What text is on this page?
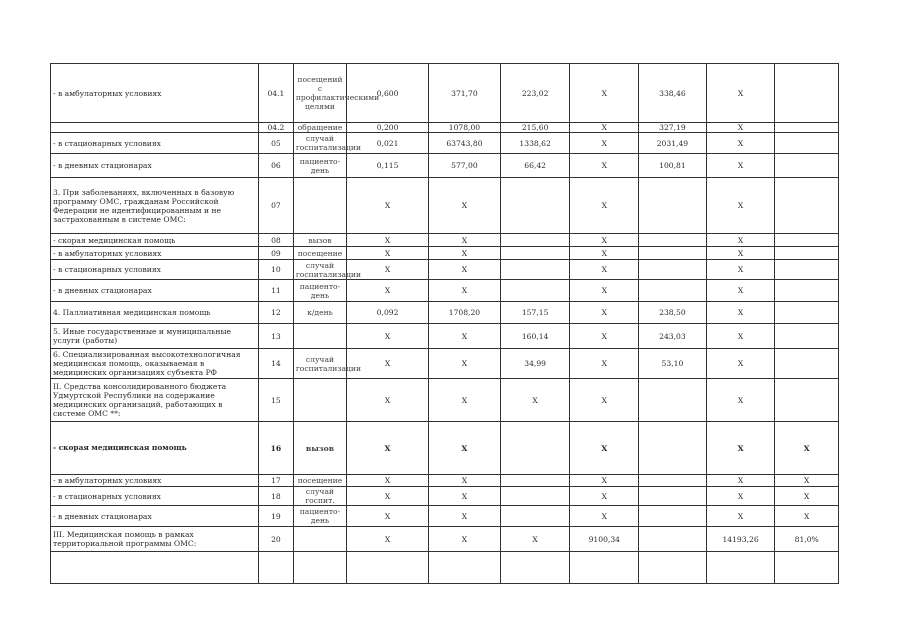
- в амбулаторных условиях	04.1	посещений с профилактическими целями	0,600	371,70	223,02	X	338,46	X	
	04.2	обращение	0,200	1078,00	215,60	X	327,19	X	
- в стационарных условиях	05	случай госпитализации	0,021	63743,80	1338,62	X	2031,49	X	
- в дневных стационарах	06	пациенто-день	0,115	577,00	66,42	X	100,81	X	
3. При заболеваниях, включенных в базовую программу ОМС, гражданам Российской Федерации не идентифицированным и не застрахованным в системе ОМС:	07		X	X		X		X	
- скорая медицинская помощь	08	вызов	X	X		X		X	
- в амбулаторных условиях	09	посещение	X	X		X		X	
- в стационарных условиях	10	случай госпитализации	X	X		X		X	
- в дневных стационарах	11	пациенто-день	X	X		X		X	
4. Паллиативная медицинская помощь	12	к/день	0,092	1708,20	157,15	X	238,50	X	
5. Иные государственные и муниципальные услуги (работы)	13		X	X	160,14	X	243,03	X	
6. Специализированная высокотехнологичная медицинская помощь, оказываемая в медицинских организациях субъекта РФ	14	случай госпитализации	X	X	34,99	X	53,10	X	
II. Средства консолидированного бюджета Удмуртской Республики на содержание медицинских организаций, работающих в системе ОМС **:	15		X	X	X	X		X	
- скорая медицинская помощь	16	вызов	X	X		X		X	X
- в амбулаторных условиях	17	посещение	X	X		X		X	X
- в стационарных условиях	18	случай госпит.	X	X		X		X	X
- в дневных стационарах	19	пациенто-день	X	X		X		X	X
III. Медицинская помощь в рамках территориальной программы ОМС:	20		X	X	X	9100,34		14193,26	81,0%
